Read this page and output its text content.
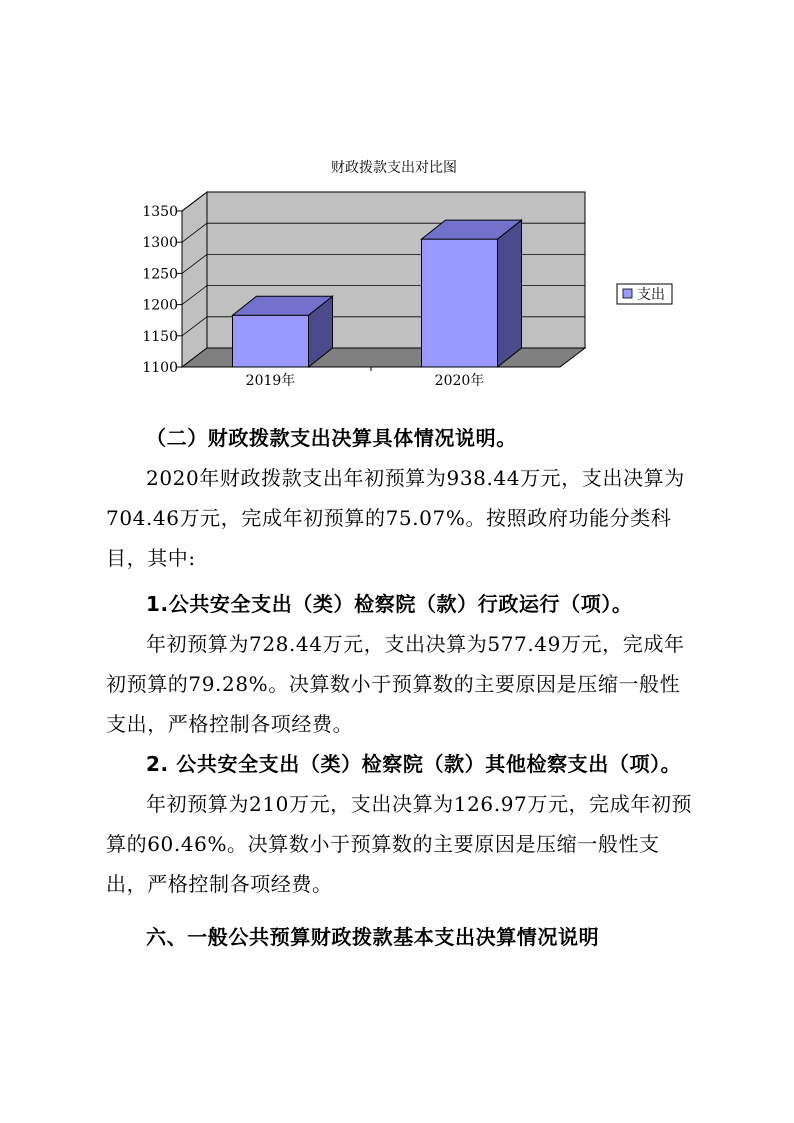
财政拨款支出对比图
1100
1150
1200
1250
1300
1350
2019年	2020年
支出

（二）财政拨款支出决算具体情况说明。

2020年财政拨款支出年初预算为938.44万元，支出决算为704.46万元，完成年初预算的75.07%。按照政府功能分类科目，其中:

1.公共安全支出（类）检察院（款）行政运行（项）。

年初预算为728.44万元，支出决算为577.49万元，完成年初预算的79.28%。决算数小于预算数的主要原因是压缩一般性支出，严格控制各项经费。

2. 公共安全支出（类）检察院（款）其他检察支出（项）。

年初预算为210万元，支出决算为126.97万元，完成年初预算的60.46%。决算数小于预算数的主要原因是压缩一般性支出，严格控制各项经费。

六、一般公共预算财政拨款基本支出决算情况说明
